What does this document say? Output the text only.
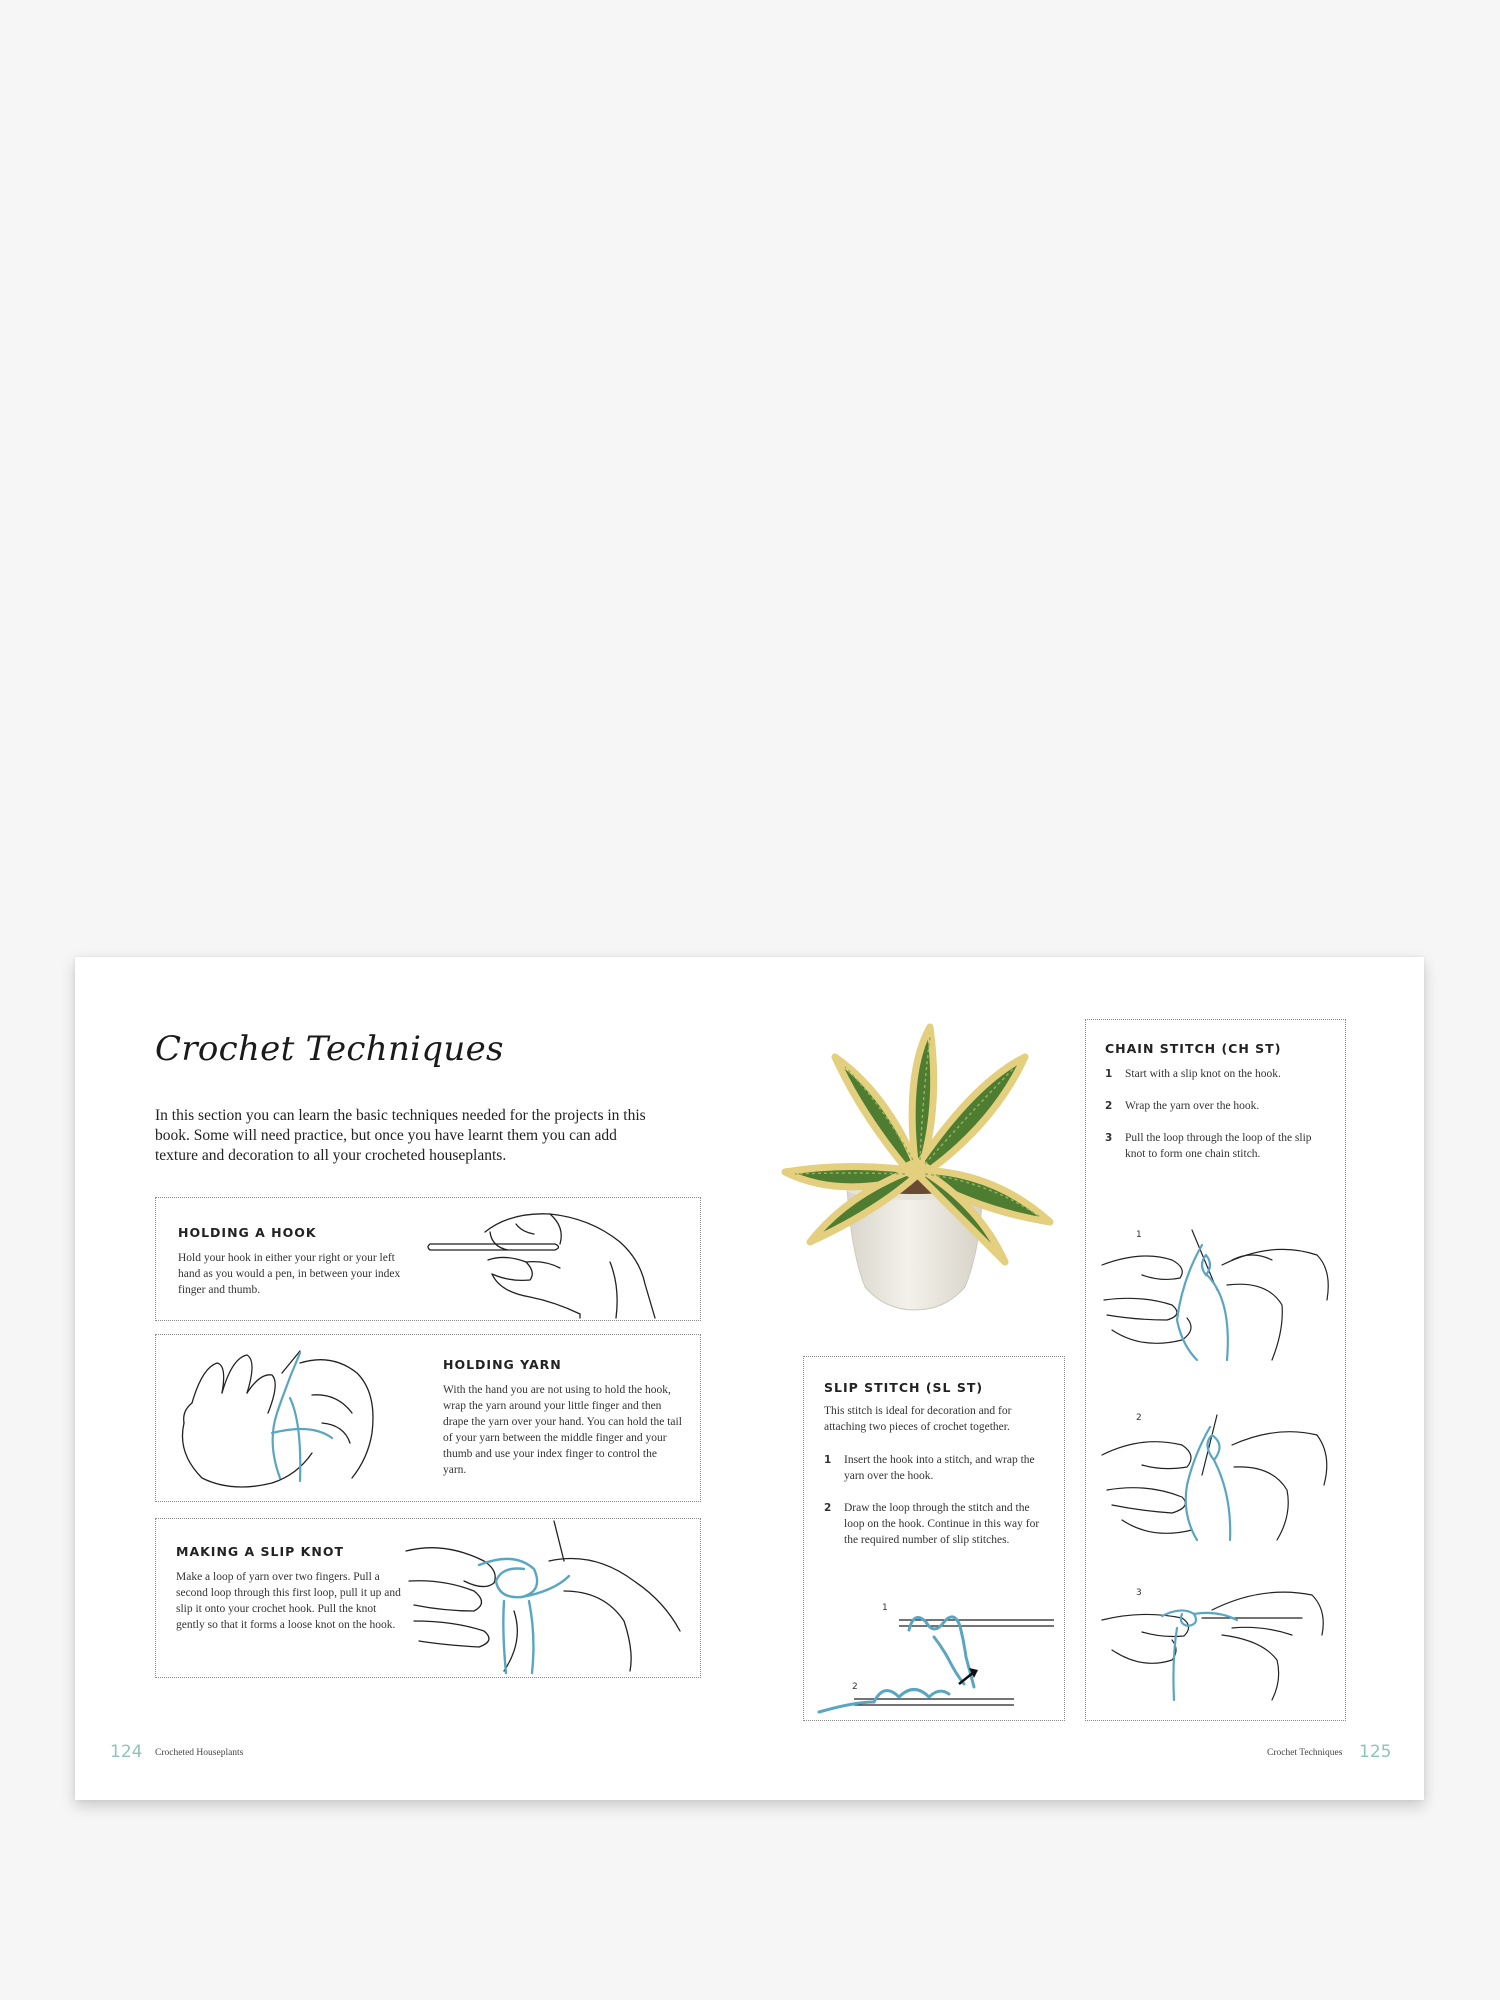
Crochet Techniques

In this section you can learn the basic techniques needed for the projects in this book. Some will need practice, but once you have learnt them you can add texture and decoration to all your crocheted houseplants.

HOLDING A HOOK

Hold your hook in either your right or your left hand as you would a pen, in between your index finger and thumb.

HOLDING YARN

With the hand you are not using to hold the hook, wrap the yarn around your little finger and then drape the yarn over your hand. You can hold the tail of your yarn between the middle finger and your thumb and use your index finger to control the yarn.

MAKING A SLIP KNOT

Make a loop of yarn over two fingers. Pull a second loop through this first loop, pull it up and slip it onto your crochet hook. Pull the knot gently so that it forms a loose knot on the hook.

SLIP STITCH (SL ST)

This stitch is ideal for decoration and for attaching two pieces of crochet together.

1 Insert the hook into a stitch, and wrap the yarn over the hook.
2 Draw the loop through the stitch and the loop on the hook. Continue in this way for the required number of slip stitches.
1
2
CHAIN STITCH (CH ST)
1 Start with a slip knot on the hook.
2 Wrap the yarn over the hook.
3 Pull the loop through the loop of the slip knot to form one chain stitch.
1
2
3
124 Crocheted Houseplants	Crochet Techniques 125
